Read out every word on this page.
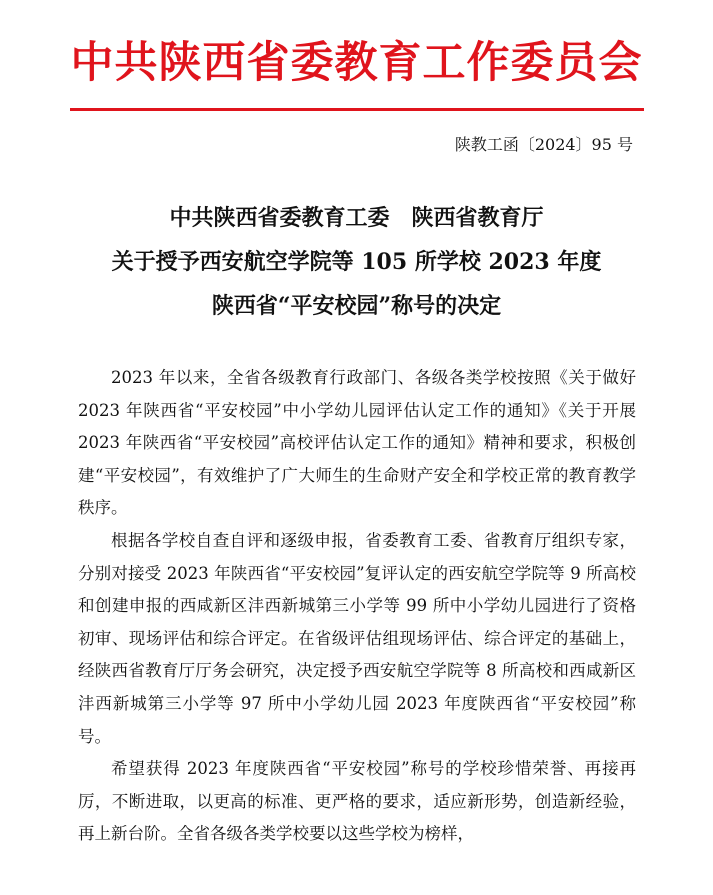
中共陕西省委教育工作委员会
陕教工函〔2024〕95 号
中共陕西省委教育工委　陕西省教育厅
关于授予西安航空学院等 105 所学校 2023 年度
陕西省“平安校园”称号的决定

2023 年以来，全省各级教育行政部门、各级各类学校按照《关于做好 2023 年陕西省“平安校园”中小学幼儿园评估认定工作的通知》《关于开展 2023 年陕西省“平安校园”高校评估认定工作的通知》精神和要求，积极创建“平安校园”，有效维护了广大师生的生命财产安全和学校正常的教育教学秩序。

根据各学校自查自评和逐级申报，省委教育工委、省教育厅组织专家，分别对接受 2023 年陕西省“平安校园”复评认定的西安航空学院等 9 所高校和创建申报的西咸新区沣西新城第三小学等 99 所中小学幼儿园进行了资格初审、现场评估和综合评定。在省级评估组现场评估、综合评定的基础上，经陕西省教育厅厅务会研究，决定授予西安航空学院等 8 所高校和西咸新区沣西新城第三小学等 97 所中小学幼儿园 2023 年度陕西省“平安校园”称号。

希望获得 2023 年度陕西省“平安校园”称号的学校珍惜荣誉、再接再厉，不断进取，以更高的标准、更严格的要求，适应新形势，创造新经验，再上新台阶。全省各级各类学校要以这些学校为榜样，
